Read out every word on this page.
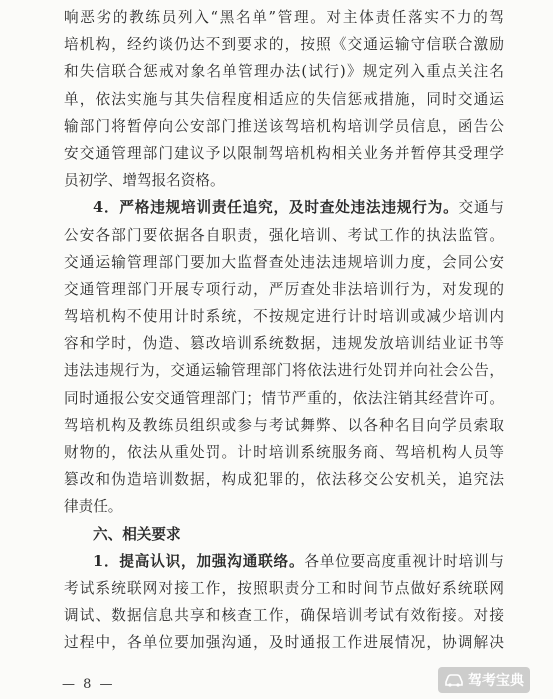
响恶劣的教练员列入“黑名单”管理。对主体责任落实不力的驾
培机构，经约谈仍达不到要求的，按照《交通运输守信联合激励
和失信联合惩戒对象名单管理办法(试行)》规定列入重点关注名
单，依法实施与其失信程度相适应的失信惩戒措施，同时交通运
输部门将暂停向公安部门推送该驾培机构培训学员信息，函告公
安交通管理部门建议予以限制驾培机构相关业务并暂停其受理学
员初学、增驾报名资格。
4．严格违规培训责任追究，及时查处违法违规行为。交通与
公安各部门要依据各自职责，强化培训、考试工作的执法监管。
交通运输管理部门要加大监督查处违法违规培训力度，会同公安
交通管理部门开展专项行动，严厉查处非法培训行为，对发现的
驾培机构不使用计时系统，不按规定进行计时培训或减少培训内
容和学时，伪造、篡改培训系统数据，违规发放培训结业证书等
违法违规行为，交通运输管理部门将依法进行处罚并向社会公告，
同时通报公安交通管理部门；情节严重的，依法注销其经营许可。
驾培机构及教练员组织或参与考试舞弊、以各种名目向学员索取
财物的，依法从重处罚。计时培训系统服务商、驾培机构人员等
篡改和伪造培训数据，构成犯罪的，依法移交公安机关，追究法
律责任。
六、相关要求
1．提高认识，加强沟通联络。各单位要高度重视计时培训与
考试系统联网对接工作，按照职责分工和时间节点做好系统联网
调试、数据信息共享和核查工作，确保培训考试有效衔接。对接
过程中，各单位要加强沟通，及时通报工作进展情况，协调解决
— 8 —	驾考宝典
